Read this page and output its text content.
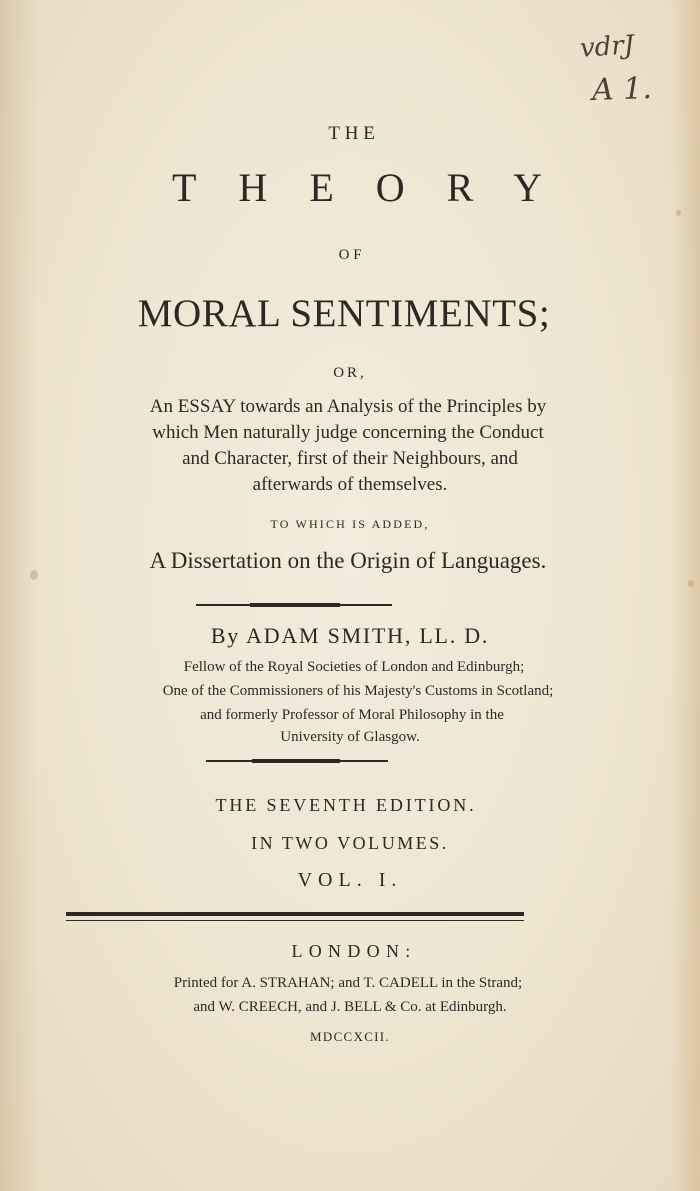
vdrJ
A 1.
THE
THEORY
OF
MORAL SENTIMENTS;
OR,
An ESSAY towards an Analysis of the Principles by
which Men naturally judge concerning the Conduct
and Character, first of their Neighbours, and
afterwards of themselves.
TO WHICH IS ADDED,
A Dissertation on the Origin of Languages.
By ADAM SMITH, LL. D.
Fellow of the Royal Societies of London and Edinburgh;
One of the Commissioners of his Majesty's Customs in Scotland;
and formerly Professor of Moral Philosophy in the
University of Glasgow.
THE SEVENTH EDITION.
IN TWO VOLUMES.
VOL. I.
LONDON:
Printed for A. STRAHAN; and T. CADELL in the Strand;
and W. CREECH, and J. BELL & Co. at Edinburgh.
MDCCXCII.
